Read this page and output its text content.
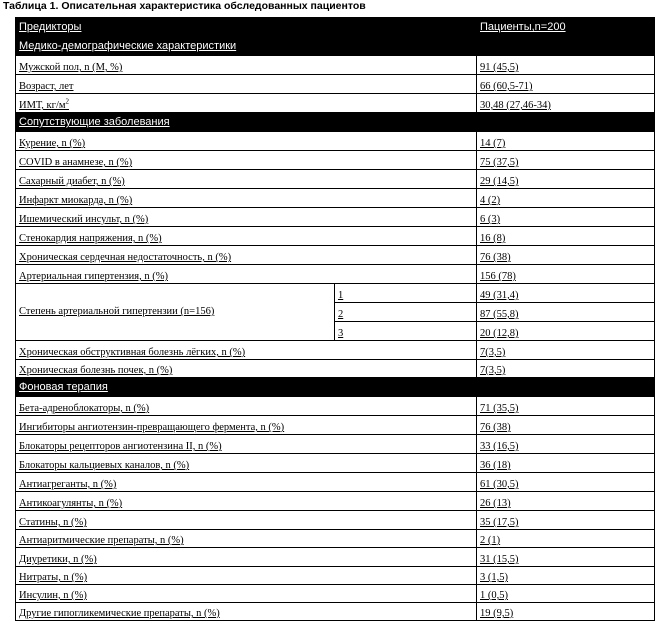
Таблица 1. Описательная характеристика обследованных пациентов
Предикторы		Пациенты,n=200
Медико-демографические характеристики		
Мужской пол, n (М, %)		91 (45,5)
Возраст, лет		66 (60,5-71)
ИМТ, $кг/м^2$		30,48 (27,46-34)
Сопутствующие заболевания		
Курение, n (%)		14 (7)
COVID в анамнезе, n (%)		75 (37,5)
Сахарный диабет, n (%)		29 (14,5)
Инфаркт миокарда, n (%)		4 (2)
Ишемический инсульт, n (%)		6 (3)
Стенокардия напряжения, n (%)		16 (8)
Хроническая сердечная недостаточность, n (%)		76 (38)
Артериальная гипертензия, n (%)		156 (78)
Степень артериальной гипертензии (n=156)	1	49 (31,4)
	2	87 (55,8)
	3	20 (12,8)
Хроническая обструктивная болезнь лёгких, n (%)		7(3,5)
Хроническая болезнь почек, n (%)		7(3,5)
Фоновая терапия		
Бета-адреноблокаторы, n (%)		71 (35,5)
Ингибиторы ангиотензин-превращающего фермента, n (%)		76 (38)
Блокаторы рецепторов ангиотензина II, n (%)		33 (16,5)
Блокаторы кальциевых каналов, n (%)		36 (18)
Антиагреганты, n (%)		61 (30,5)
Антикоагулянты, n (%)		26 (13)
Статины, n (%)		35 (17,5)
Антиаритмические препараты, n (%)		2 (1)
Диуретики, n (%)		31 (15,5)
Нитраты, n (%)		3 (1,5)
Инсулин, n (%)		1 (0,5)
Другие гипогликемические препараты, n (%)		19 (9,5)
